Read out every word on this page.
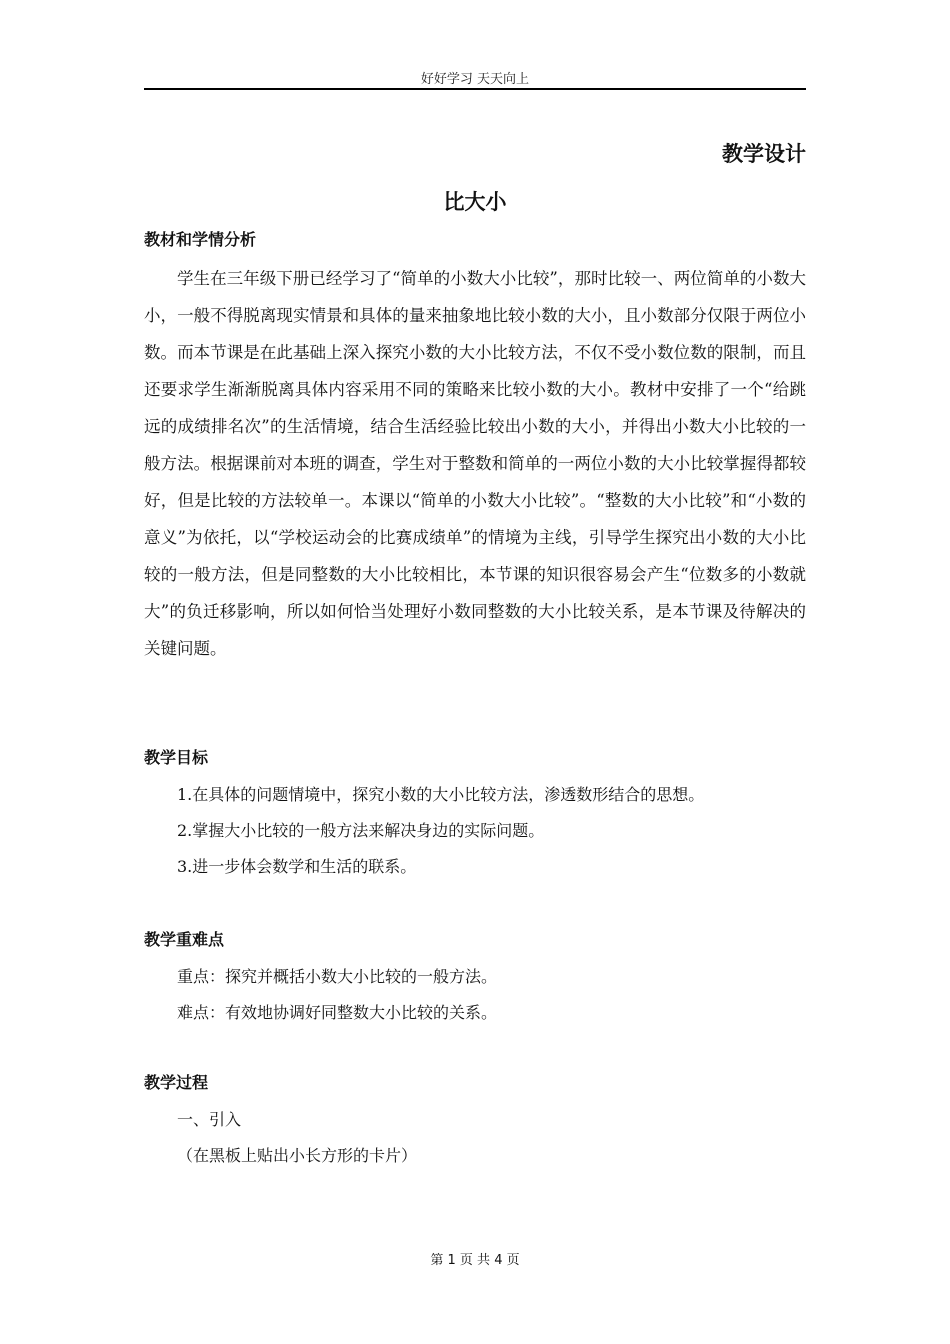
好好学习 天天向上
教学设计
比大小

教材和学情分析

学生在三年级下册已经学习了“简单的小数大小比较”，那时比较一、两位简单的小数大小，一般不得脱离现实情景和具体的量来抽象地比较小数的大小，且小数部分仅限于两位小数。而本节课是在此基础上深入探究小数的大小比较方法，不仅不受小数位数的限制，而且还要求学生渐渐脱离具体内容采用不同的策略来比较小数的大小。教材中安排了一个“给跳远的成绩排名次”的生活情境，结合生活经验比较出小数的大小，并得出小数大小比较的一般方法。根据课前对本班的调查，学生对于整数和简单的一两位小数的大小比较掌握得都较好，但是比较的方法较单一。本课以“简单的小数大小比较”。“整数的大小比较”和“小数的意义”为依托，以“学校运动会的比赛成绩单”的情境为主线，引导学生探究出小数的大小比较的一般方法，但是同整数的大小比较相比，本节课的知识很容易会产生“位数多的小数就大”的负迁移影响，所以如何恰当处理好小数同整数的大小比较关系，是本节课及待解决的关键问题。

教学目标

1.在具体的问题情境中，探究小数的大小比较方法，渗透数形结合的思想。

2.掌握大小比较的一般方法来解决身边的实际问题。

3.进一步体会数学和生活的联系。

教学重难点

重点：探究并概括小数大小比较的一般方法。

难点：有效地协调好同整数大小比较的关系。

教学过程

一、引入

（在黑板上贴出小长方形的卡片）

第 1 页 共 4 页
